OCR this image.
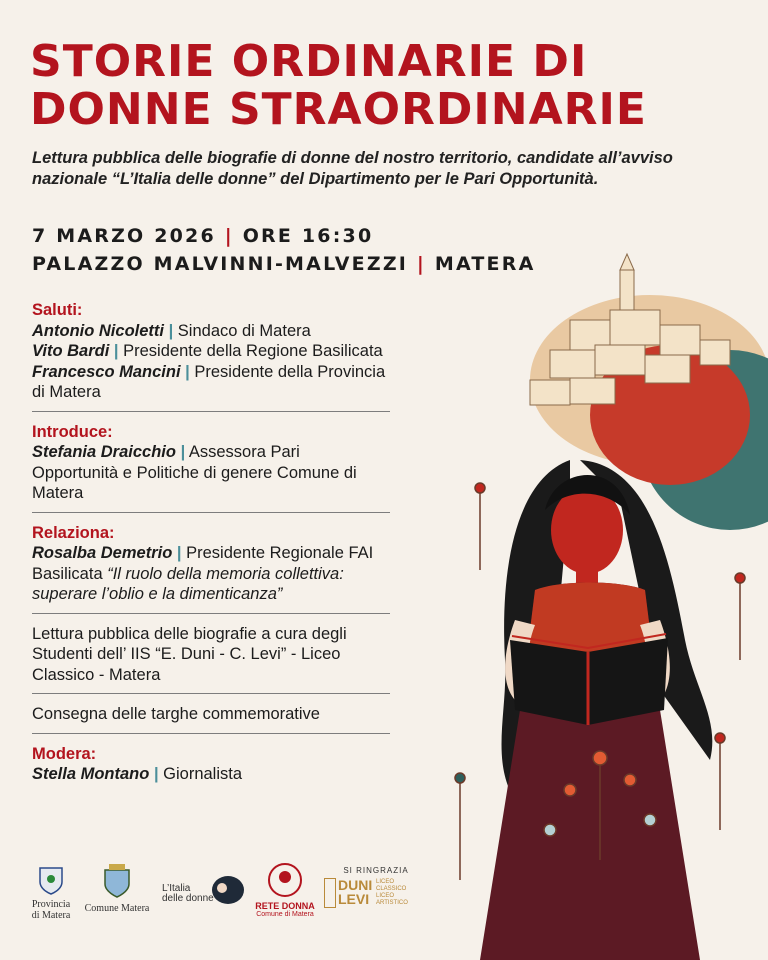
STORIE ORDINARIE DI
DONNE STRAORDINARIE
Lettura pubblica delle biografie di donne del nostro territorio, candidate all’avviso nazionale “L’Italia delle donne” del Dipartimento per le Pari Opportunità.
7 MARZO 2026 | ORE 16:30
PALAZZO MALVINNI-MALVEZZI | MATERA
Saluti:
Antonio Nicoletti | Sindaco di Matera
Vito Bardi | Presidente della Regione Basilicata
Francesco Mancini | Presidente della Provincia di Matera
Introduce:
Stefania Draicchio | Assessora Pari Opportunità e Politiche di genere Comune di Matera
Relaziona:
Rosalba Demetrio | Presidente Regionale FAI Basilicata “Il ruolo della memoria collettiva: superare l’oblio e la dimenticanza”
Lettura pubblica delle biografie a cura degli Studenti dell’ IIS “E. Duni - C. Levi” - Liceo Classico - Matera
Consegna delle targhe commemorative
Modera:
Stella Montano | Giornalista
Provincia
di Matera
Comune Matera
L’Italia
delle donne
RETE DONNA
Comune di Matera
SI RINGRAZIA
DUNI
LEVI
LICEO
CLASSICO
LICEO
ARTISTICO
